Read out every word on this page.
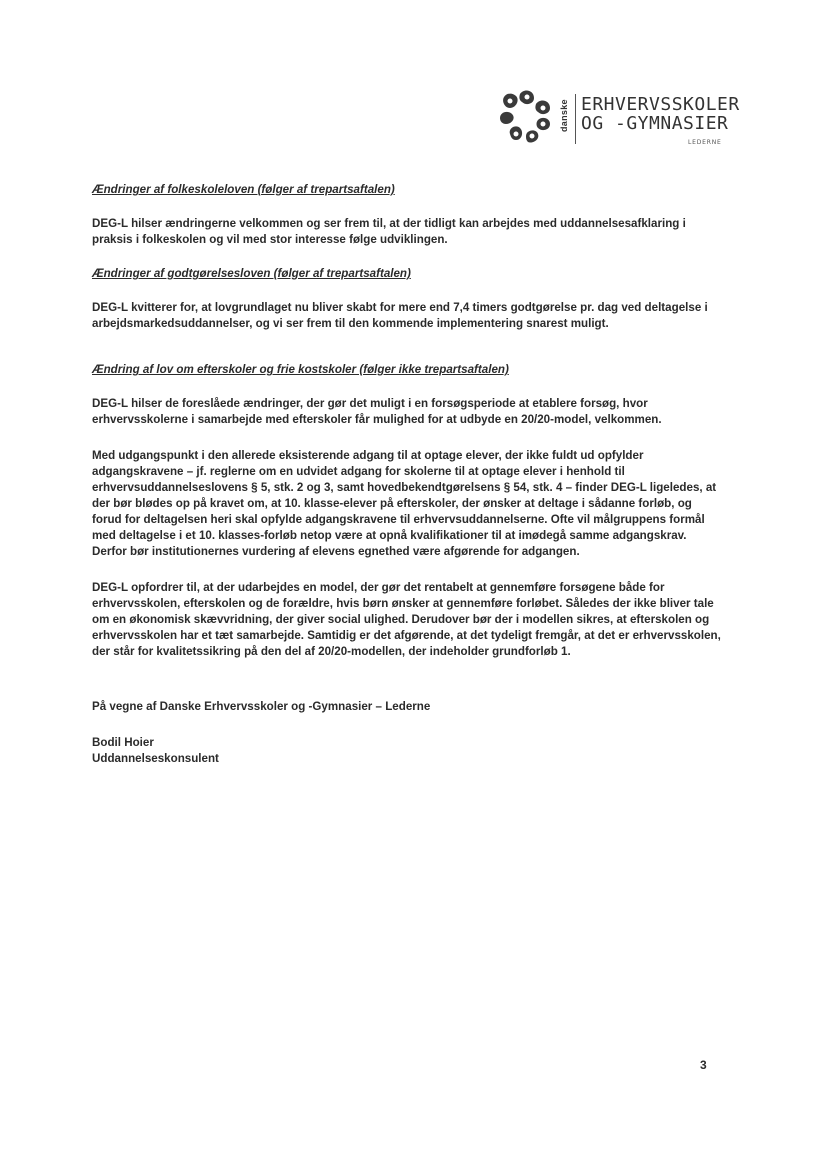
danske ERHVERVSSKOLER
OG -GYMNASIER
LEDERNE

Ændringer af folkeskoleloven (følger af trepartsaftalen)

DEG-L hilser ændringerne velkommen og ser frem til, at der tidligt kan arbejdes med uddannelsesafklaring i praksis i folkeskolen og vil med stor interesse følge udviklingen.

Ændringer af godtgørelsesloven (følger af trepartsaftalen)

DEG-L kvitterer for, at lovgrundlaget nu bliver skabt for mere end 7,4 timers godtgørelse pr. dag ved deltagelse i arbejdsmarkedsuddannelser, og vi ser frem til den kommende implementering snarest muligt.

Ændring af lov om efterskoler og frie kostskoler (følger ikke trepartsaftalen)

DEG-L hilser de foreslåede ændringer, der gør det muligt i en forsøgsperiode at etablere forsøg, hvor erhvervsskolerne i samarbejde med efterskoler får mulighed for at udbyde en 20/20-model, velkommen.

Med udgangspunkt i den allerede eksisterende adgang til at optage elever, der ikke fuldt ud opfylder adgangskravene – jf. reglerne om en udvidet adgang for skolerne til at optage elever i henhold til erhvervsuddannelseslovens § 5, stk. 2 og 3, samt hovedbekendtgørelsens § 54, stk. 4 – finder DEG-L ligeledes, at der bør blødes op på kravet om, at 10. klasse-elever på efterskoler, der ønsker at deltage i sådanne forløb, og forud for deltagelsen heri skal opfylde adgangskravene til erhvervsuddannelserne. Ofte vil målgruppens formål med deltagelse i et 10. klasses-forløb netop være at opnå kvalifikationer til at imødegå samme adgangskrav. Derfor bør institutionernes vurdering af elevens egnethed være afgørende for adgangen.

DEG-L opfordrer til, at der udarbejdes en model, der gør det rentabelt at gennemføre forsøgene både for erhvervsskolen, efterskolen og de forældre, hvis børn ønsker at gennemføre forløbet. Således der ikke bliver tale om en økonomisk skævvridning, der giver social ulighed. Derudover bør der i modellen sikres, at efterskolen og erhvervsskolen har et tæt samarbejde. Samtidig er det afgørende, at det tydeligt fremgår, at det er erhvervsskolen, der står for kvalitetssikring på den del af 20/20-modellen, der indeholder grundforløb 1.

På vegne af Danske Erhvervsskoler og -Gymnasier – Lederne

Bodil Hoier

Uddannelseskonsulent

3
